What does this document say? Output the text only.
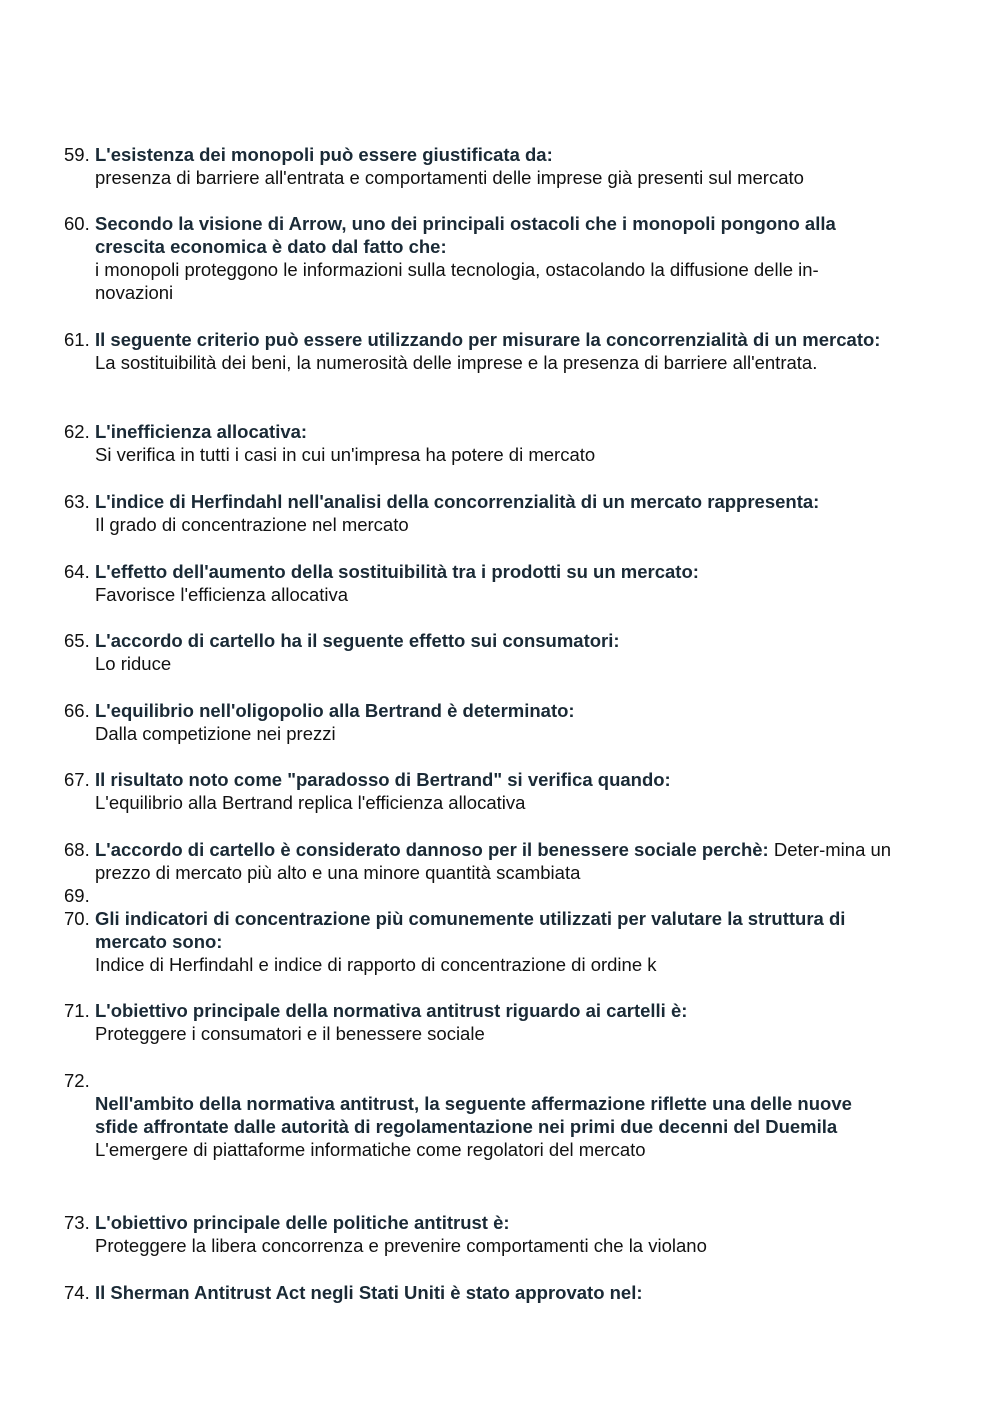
59. L'esistenza dei monopoli può essere giustificata da:
presenza di barriere all'entrata e comportamenti delle imprese già presenti sul mercato
60. Secondo la visione di Arrow, uno dei principali ostacoli che i monopoli pongono alla crescita economica è dato dal fatto che:
i monopoli proteggono le informazioni sulla tecnologia, ostacolando la diffusione delle in-novazioni
61. Il seguente criterio può essere utilizzando per misurare la concorrenzialità di un mercato:
La sostituibilità dei beni, la numerosità delle imprese e la presenza di barriere all'entrata.
62. L'inefficienza allocativa:
Si verifica in tutti i casi in cui un'impresa ha potere di mercato
63. L'indice di Herfindahl nell'analisi della concorrenzialità di un mercato rappresenta:
Il grado di concentrazione nel mercato
64. L'effetto dell'aumento della sostituibilità tra i prodotti su un mercato:
Favorisce l'efficienza allocativa
65. L'accordo di cartello ha il seguente effetto sui consumatori:
Lo riduce
66. L'equilibrio nell'oligopolio alla Bertrand è determinato:
Dalla competizione nei prezzi
67. Il risultato noto come "paradosso di Bertrand" si verifica quando:
L'equilibrio alla Bertrand replica l'efficienza allocativa
68. L'accordo di cartello è considerato dannoso per il benessere sociale perchè: Deter-mina un prezzo di mercato più alto e una minore quantità scambiata
69.
70. Gli indicatori di concentrazione più comunemente utilizzati per valutare la struttura di mercato sono:
Indice di Herfindahl e indice di rapporto di concentrazione di ordine k
71. L'obiettivo principale della normativa antitrust riguardo ai cartelli è:
Proteggere i consumatori e il benessere sociale
72.
Nell'ambito della normativa antitrust, la seguente affermazione riflette una delle nuove sfide affrontate dalle autorità di regolamentazione nei primi due decenni del Duemila
L'emergere di piattaforme informatiche come regolatori del mercato
73. L'obiettivo principale delle politiche antitrust è:
Proteggere la libera concorrenza e prevenire comportamenti che la violano
74. Il Sherman Antitrust Act negli Stati Uniti è stato approvato nel:
